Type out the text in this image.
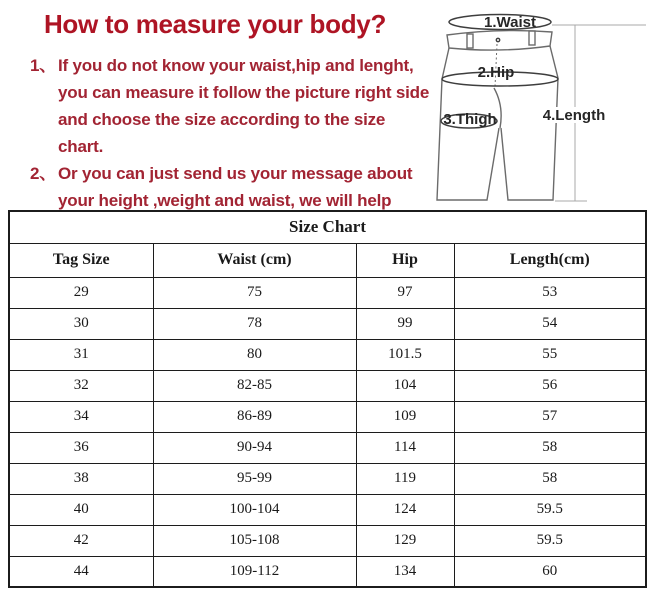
How to measure your body?
1、 If you do not know your waist,hip and lenght,
you can measure it follow the picture right side
and choose the size according to the size chart.
2、 Or you can just send us your message about
your height ,weight and waist, we will help
1.Waist
2.Hip
3.Thigh	4.Length
Size Chart			
Tag Size	Waist (cm)	Hip	Length(cm)
29	75	97	53
30	78	99	54
31	80	101.5	55
32	82-85	104	56
34	86-89	109	57
36	90-94	114	58
38	95-99	119	58
40	100-104	124	59.5
42	105-108	129	59.5
44	109-112	134	60
